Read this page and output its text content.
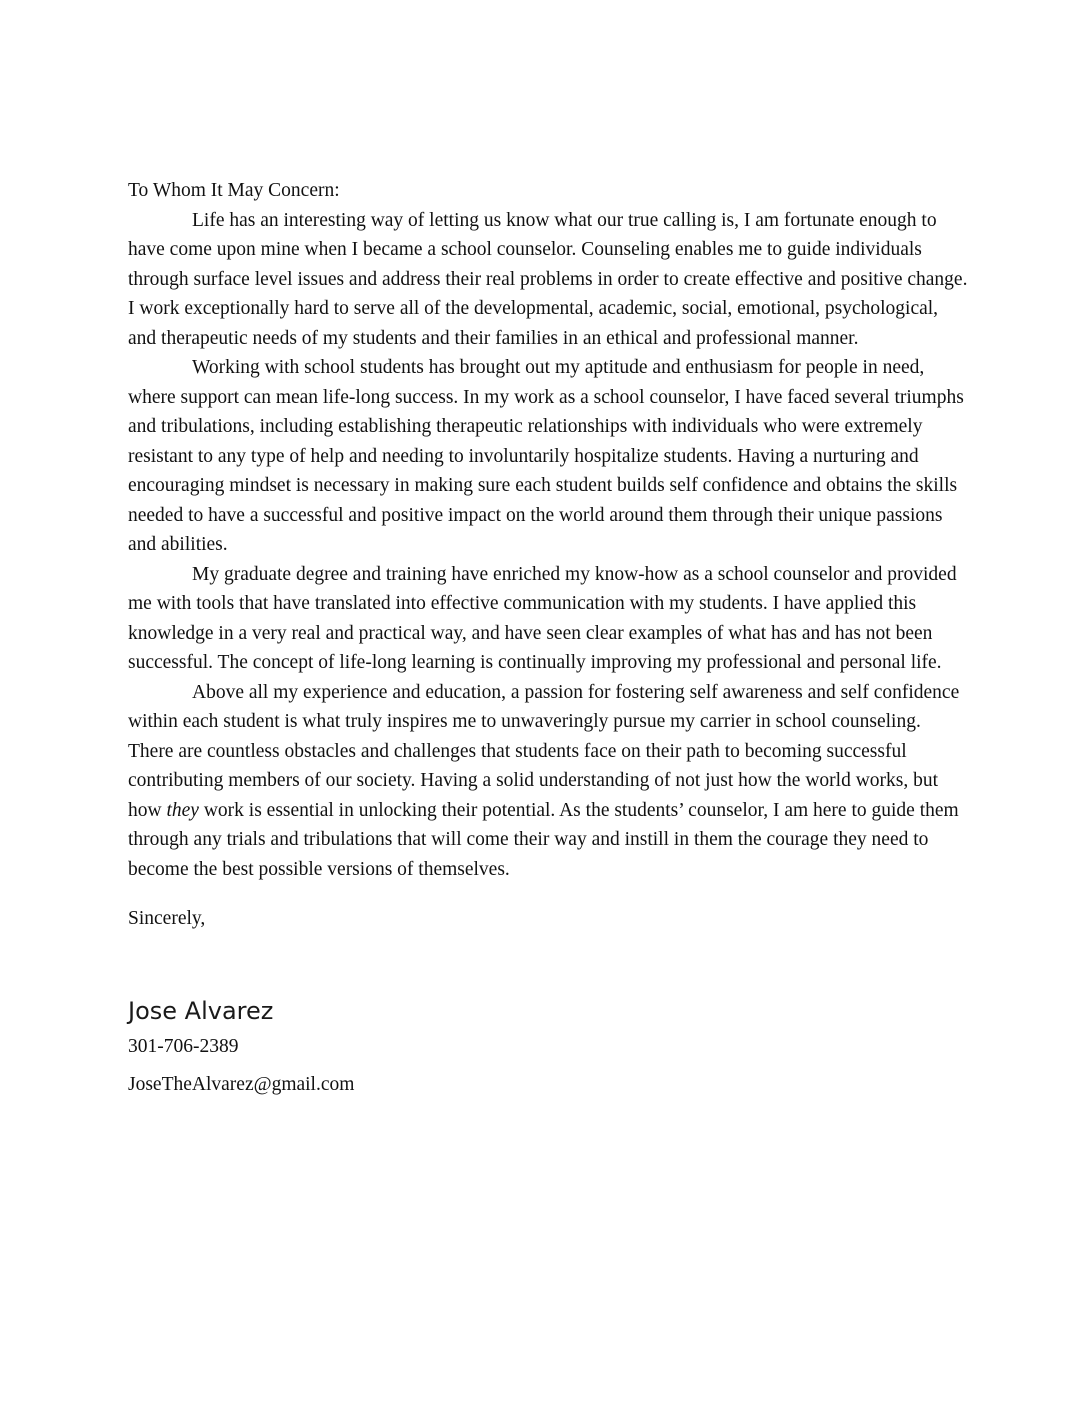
To Whom It May Concern:

Life has an interesting way of letting us know what our true calling is, I am fortunate enough to have come upon mine when I became a school counselor. Counseling enables me to guide individuals through surface level issues and address their real problems in order to create effective and positive change. I work exceptionally hard to serve all of the developmental, academic, social, emotional, psychological, and therapeutic needs of my students and their families in an ethical and professional manner.

Working with school students has brought out my aptitude and enthusiasm for people in need, where support can mean life-long success. In my work as a school counselor, I have faced several triumphs and tribulations, including establishing therapeutic relationships with individuals who were extremely resistant to any type of help and needing to involuntarily hospitalize students. Having a nurturing and encouraging mindset is necessary in making sure each student builds self confidence and obtains the skills needed to have a successful and positive impact on the world around them through their unique passions and abilities.

My graduate degree and training have enriched my know-how as a school counselor and provided me with tools that have translated into effective communication with my students. I have applied this knowledge in a very real and practical way, and have seen clear examples of what has and has not been successful. The concept of life-long learning is continually improving my professional and personal life.

Above all my experience and education, a passion for fostering self awareness and self confidence within each student is what truly inspires me to unwaveringly pursue my carrier in school counseling. There are countless obstacles and challenges that students face on their path to becoming successful contributing members of our society. Having a solid understanding of not just how the world works, but how they work is essential in unlocking their potential. As the students’ counselor, I am here to guide them through any trials and tribulations that will come their way and instill in them the courage they need to become the best possible versions of themselves.

Sincerely,

Jose Alvarez

301-706-2389

JoseTheAlvarez@gmail.com
